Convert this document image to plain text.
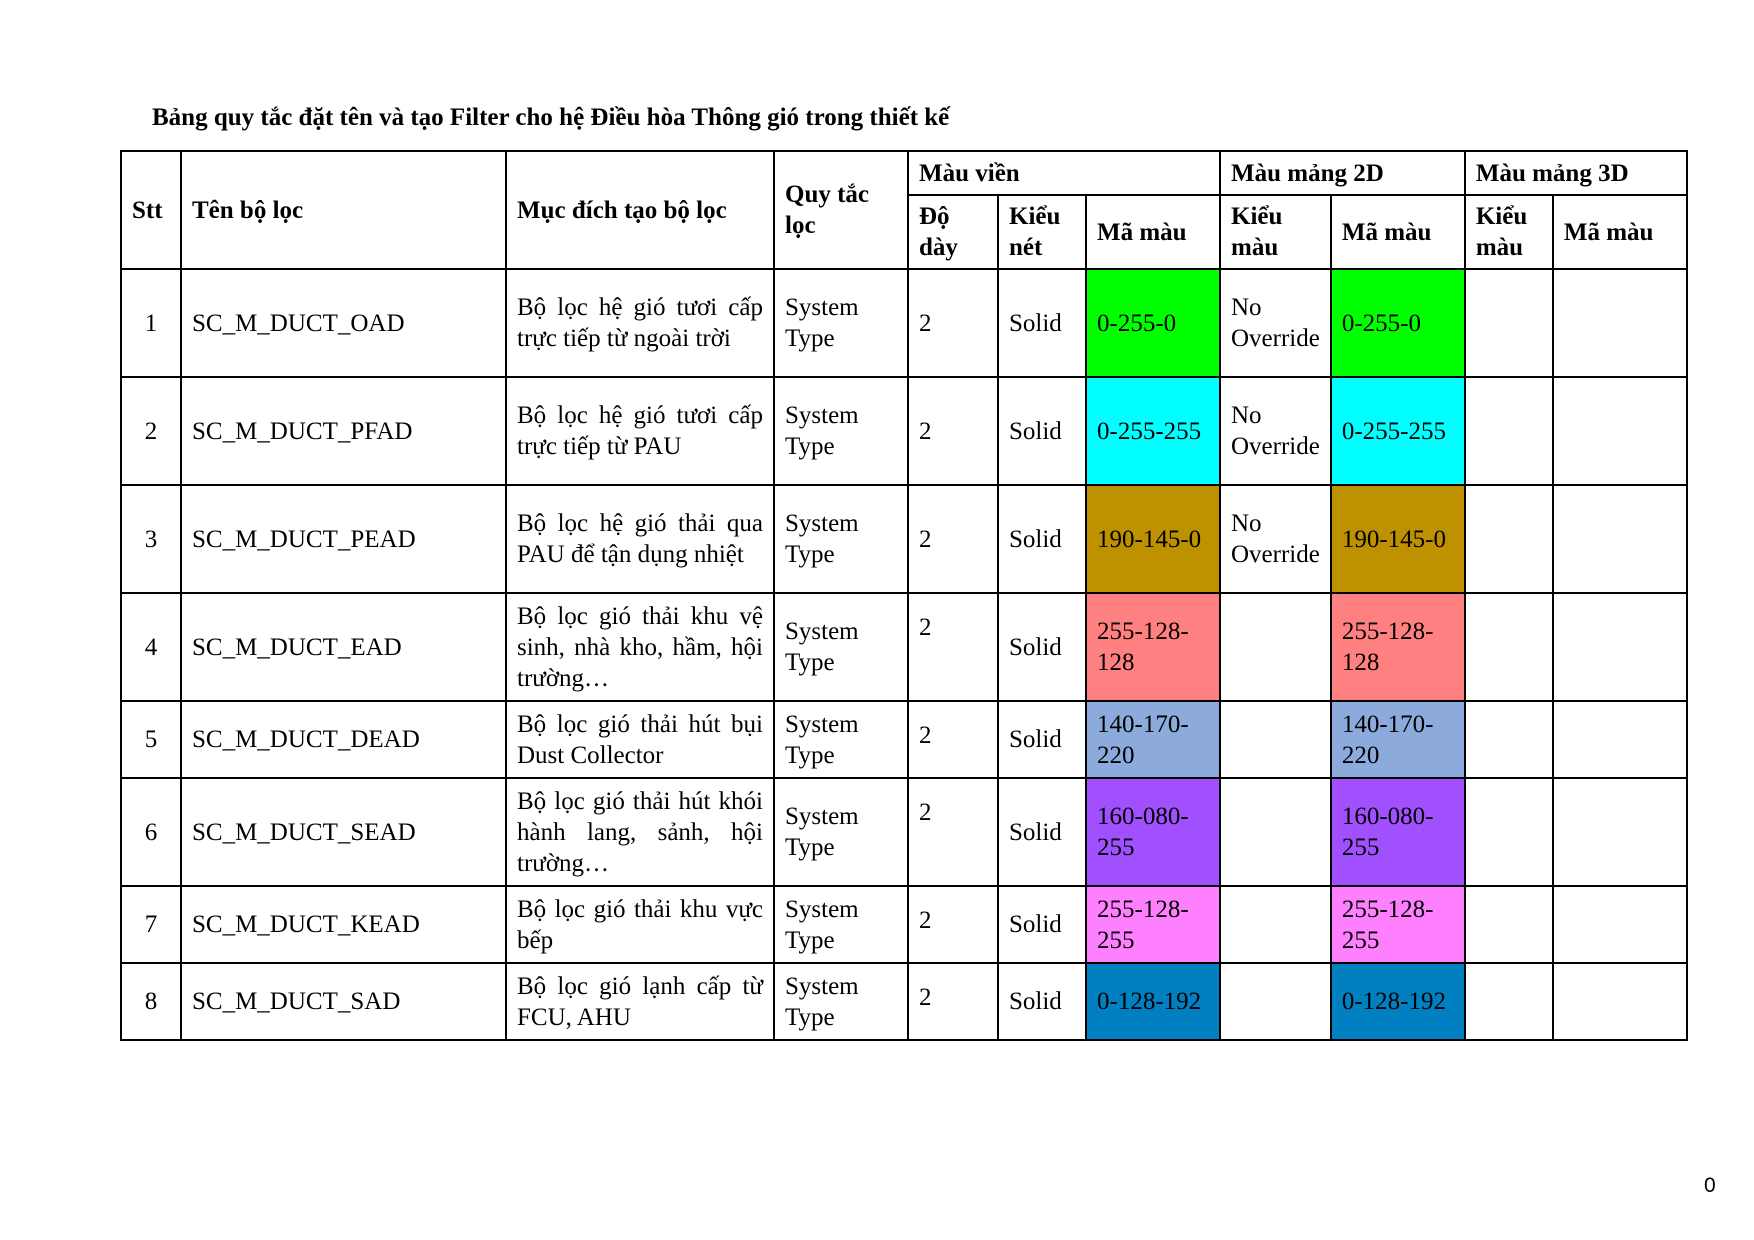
Bảng quy tắc đặt tên và tạo Filter cho hệ Điều hòa Thông gió trong thiết kế
Stt	Tên bộ lọc	Mục đích tạo bộ lọc	Quy tắc lọc	Màu viền			Màu mảng 2D		Màu mảng 3D	
				Độ dày	Kiểu nét	Mã màu	Kiểu màu	Mã màu	Kiểu màu	Mã màu
1	SC_M_DUCT_OAD	Bộ lọc hệ gió tươi cấp trực tiếp từ ngoài trời	System Type	2	Solid	0-255-0	No Override	0-255-0		
2	SC_M_DUCT_PFAD	Bộ lọc hệ gió tươi cấp trực tiếp từ PAU	System Type	2	Solid	0-255-255	No Override	0-255-255		
3	SC_M_DUCT_PEAD	Bộ lọc hệ gió thải qua PAU để tận dụng nhiệt	System Type	2	Solid	190-145-0	No Override	190-145-0		
4	SC_M_DUCT_EAD	Bộ lọc gió thải khu vệ sinh, nhà kho, hầm, hội trường…	System Type	2	Solid	255-128-128		255-128-128		
5	SC_M_DUCT_DEAD	Bộ lọc gió thải hút bụi Dust Collector	System Type	2	Solid	140-170-220		140-170-220		
6	SC_M_DUCT_SEAD	Bộ lọc gió thải hút khói hành lang, sảnh, hội trường…	System Type	2	Solid	160-080-255		160-080-255		
7	SC_M_DUCT_KEAD	Bộ lọc gió thải khu vực bếp	System Type	2	Solid	255-128-255		255-128-255		
8	SC_M_DUCT_SAD	Bộ lọc gió lạnh cấp từ FCU, AHU	System Type	2	Solid	0-128-192		0-128-192		
0
